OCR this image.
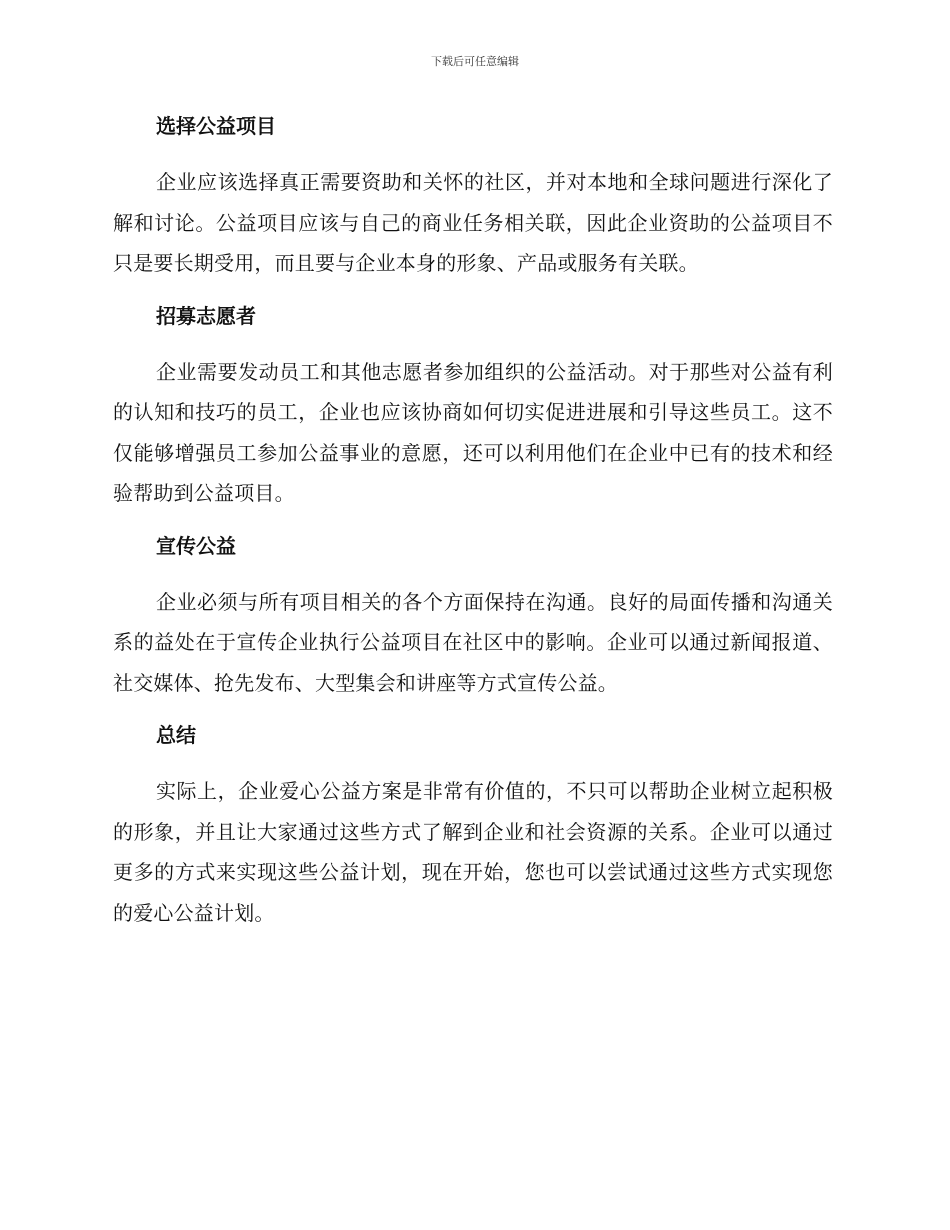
下载后可任意编辑
选择公益项目

企业应该选择真正需要资助和关怀的社区，并对本地和全球问题进行深化了解和讨论。公益项目应该与自己的商业任务相关联，因此企业资助的公益项目不只是要长期受用，而且要与企业本身的形象、产品或服务有关联。

招募志愿者

企业需要发动员工和其他志愿者参加组织的公益活动。对于那些对公益有利的认知和技巧的员工，企业也应该协商如何切实促进进展和引导这些员工。这不仅能够增强员工参加公益事业的意愿，还可以利用他们在企业中已有的技术和经验帮助到公益项目。

宣传公益

企业必须与所有项目相关的各个方面保持在沟通。良好的局面传播和沟通关系的益处在于宣传企业执行公益项目在社区中的影响。企业可以通过新闻报道、社交媒体、抢先发布、大型集会和讲座等方式宣传公益。

总结

实际上，企业爱心公益方案是非常有价值的，不只可以帮助企业树立起积极的形象，并且让大家通过这些方式了解到企业和社会资源的关系。企业可以通过更多的方式来实现这些公益计划，现在开始，您也可以尝试通过这些方式实现您的爱心公益计划。
